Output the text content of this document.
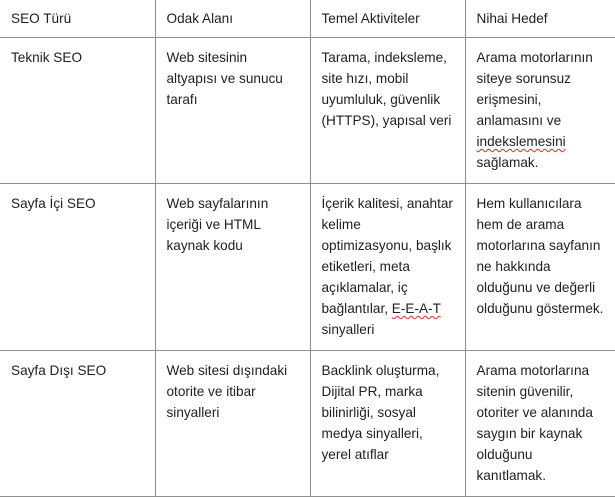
SEO Türü	Odak Alanı	Temel Aktiviteler	Nihai Hedef
Teknik SEO	Web sitesinin altyapısı ve sunucu tarafı	Tarama, indeksleme, site hızı, mobil uyumluluk, güvenlik (HTTPS), yapısal veri	Arama motorlarının siteye sorunsuz erişmesini, anlamasını ve indekslemesini sağlamak.
Sayfa İçi SEO	Web sayfalarının içeriği ve HTML kaynak kodu	İçerik kalitesi, anahtar kelime optimizasyonu, başlık etiketleri, meta açıklamalar, iç bağlantılar, E-E-A-T sinyalleri	Hem kullanıcılara hem de arama motorlarına sayfanın ne hakkında olduğunu ve değerli olduğunu göstermek.
Sayfa Dışı SEO	Web sitesi dışındaki otorite ve itibar sinyalleri	Backlink oluşturma, Dijital PR, marka bilinirliği, sosyal medya sinyalleri, yerel atıflar	Arama motorlarına sitenin güvenilir, otoriter ve alanında saygın bir kaynak olduğunu kanıtlamak.
